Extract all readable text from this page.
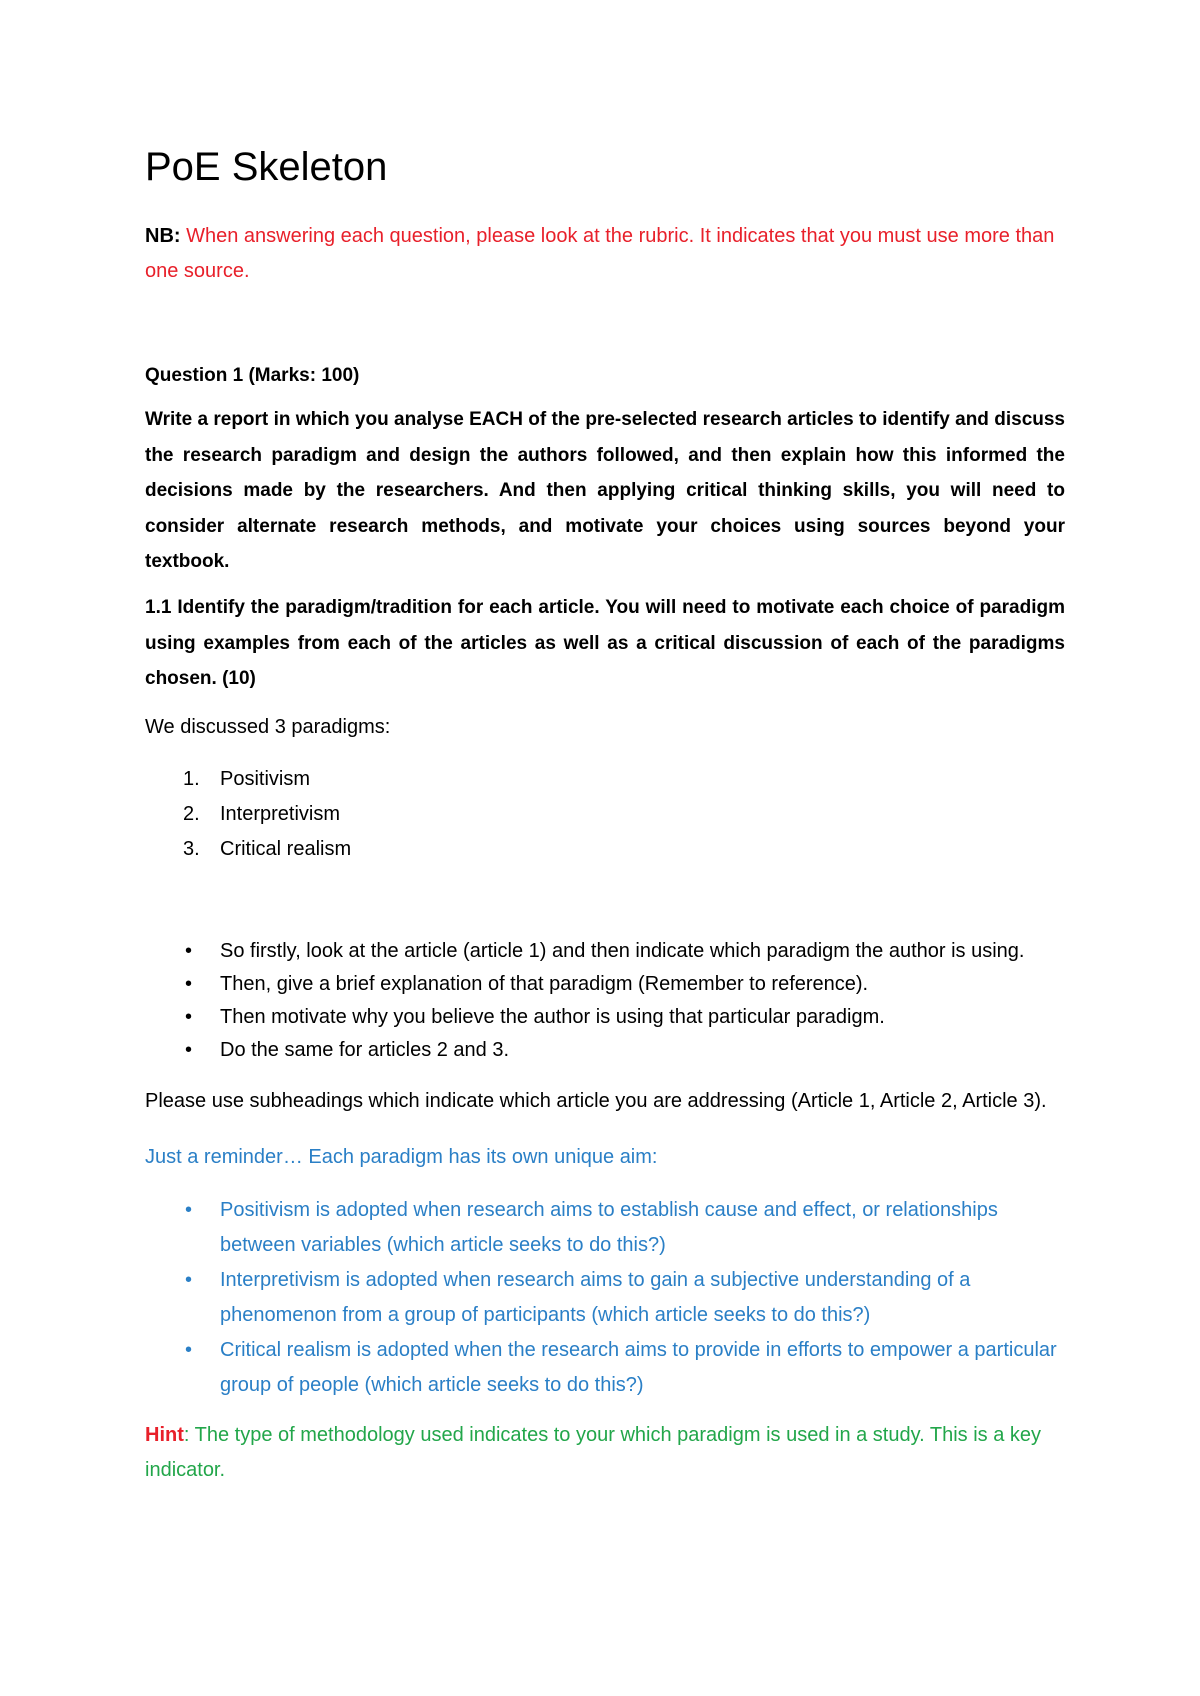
PoE Skeleton

NB: When answering each question, please look at the rubric. It indicates that you must use more than one source.

Question 1 (Marks: 100)

Write a report in which you analyse EACH of the pre-selected research articles to identify and discuss the research paradigm and design the authors followed, and then explain how this informed the decisions made by the researchers. And then applying critical thinking skills, you will need to consider alternate research methods, and motivate your choices using sources beyond your textbook.

1.1 Identify the paradigm/tradition for each article. You will need to motivate each choice of paradigm using examples from each of the articles as well as a critical discussion of each of the paradigms chosen. (10)

We discussed 3 paradigms:

1. Positivism
2. Interpretivism
3. Critical realism
• So firstly, look at the article (article 1) and then indicate which paradigm the author is using.
• Then, give a brief explanation of that paradigm (Remember to reference).
• Then motivate why you believe the author is using that particular paradigm.
• Do the same for articles 2 and 3.

Please use subheadings which indicate which article you are addressing (Article 1, Article 2, Article 3).

Just a reminder… Each paradigm has its own unique aim:

• Positivism is adopted when research aims to establish cause and effect, or relationships between variables (which article seeks to do this?)
• Interpretivism is adopted when research aims to gain a subjective understanding of a phenomenon from a group of participants (which article seeks to do this?)
• Critical realism is adopted when the research aims to provide in efforts to empower a particular group of people (which article seeks to do this?)

Hint: The type of methodology used indicates to your which paradigm is used in a study. This is a key indicator.
